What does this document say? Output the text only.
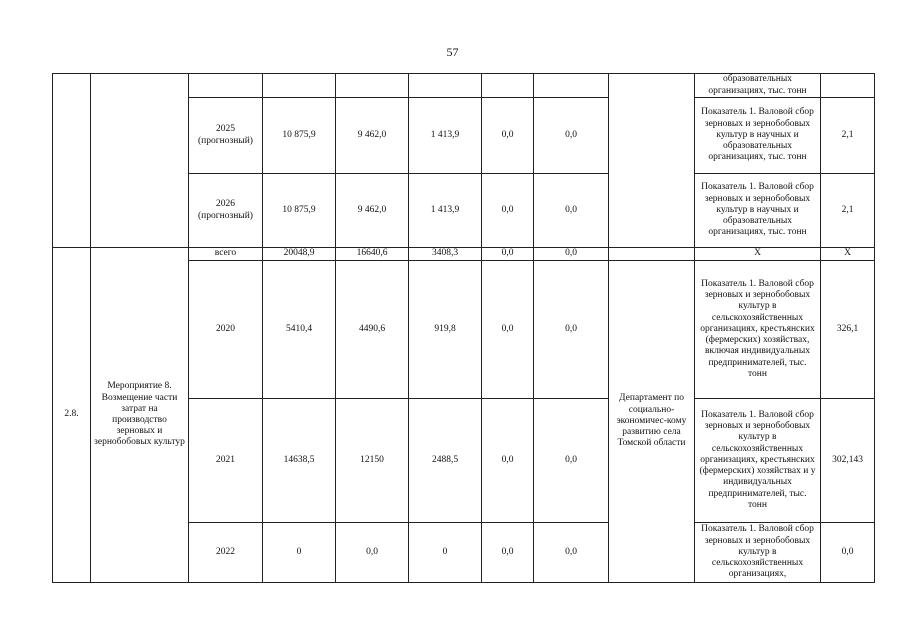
57
									образовательных организациях, тыс. тонн	
		2025 (прогнозный)	10 875,9	9 462,0	1 413,9	0,0	0,0		Показатель 1. Валовой сбор зерновых и зернобобовых культур в научных и образовательных организациях, тыс. тонн	2,1
		2026 (прогнозный)	10 875,9	9 462,0	1 413,9	0,0	0,0		Показатель 1. Валовой сбор зерновых и зернобобовых культур в научных и образовательных организациях, тыс. тонн	2,1
2.8.	Мероприятие 8. Возмещение части затрат на производство зерновых и зернобобовых культур	всего	20048,9	16640,6	3408,3	0,0	0,0		Х	Х
		2020	5410,4	4490,6	919,8	0,0	0,0	Департамент по социально-экономичес-кому развитию села Томской области	Показатель 1. Валовой сбор зерновых и зернобобовых культур в сельскохозяйственных организациях, крестьянских (фермерских) хозяйствах, включая индивидуальных предпринимателей, тыс. тонн	326,1
		2021	14638,5	12150	2488,5	0,0	0,0		Показатель 1. Валовой сбор зерновых и зернобобовых культур в сельскохозяйственных организациях, крестьянских (фермерских) хозяйствах и у индивидуальных предпринимателей, тыс. тонн	302,143
		2022	0	0,0	0	0,0	0,0		Показатель 1. Валовой сбор зерновых и зернобобовых культур в сельскохозяйственных организациях,	0,0
